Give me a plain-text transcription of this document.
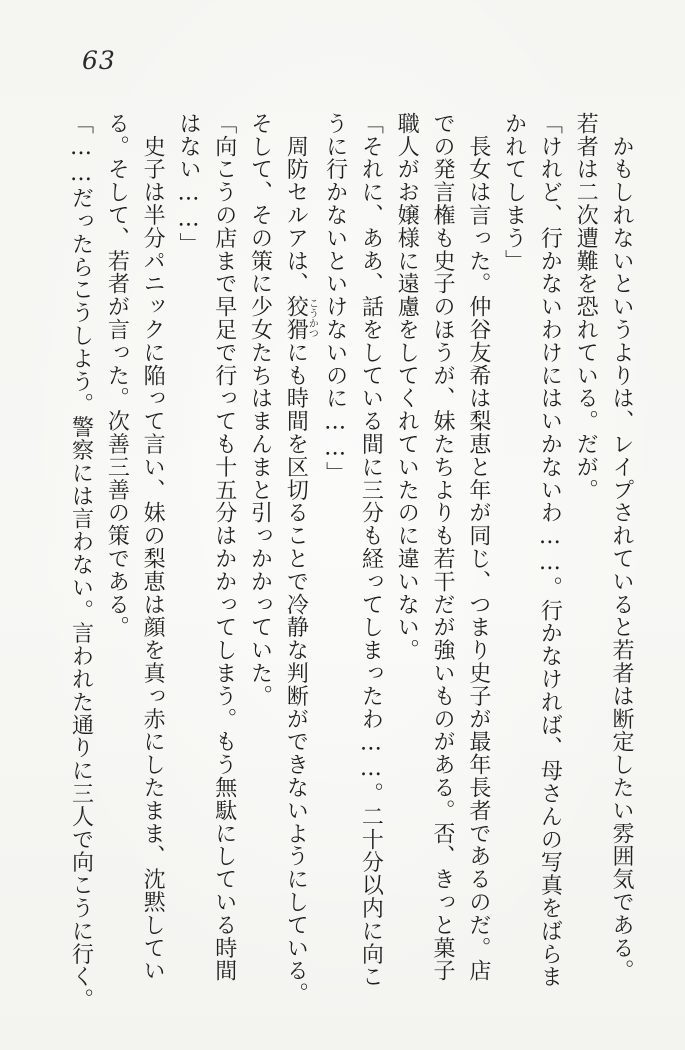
63
　かもしれないというよりは、レイプされていると若者は断定したい雰囲気である。
若者は二次遭難を恐れている。だが。
「けれど、行かないわけにはいかないわ……。行かなければ、母さんの写真をばらま
かれてしまう」
　長女は言った。仲谷友希は梨恵と年が同じ、つまり史子が最年長者であるのだ。店
での発言権も史子のほうが、妹たちよりも若干だが強いものがある。否、きっと菓子
職人がお嬢様に遠慮をしてくれていたのに違いない。
「それに、ああ、話をしている間に三分も経ってしまったわ……。二十分以内に向こ
うに行かないといけないのに……」
　周防セルアは、狡猾こうかつにも時間を区切ることで冷静な判断ができないようにしている。
そして、その策に少女たちはまんまと引っかかっていた。
「向こうの店まで早足で行っても十五分はかかってしまう。もう無駄にしている時間
はない……」
　史子は半分パニックに陥って言い、妹の梨恵は顔を真っ赤にしたまま、沈黙してい
る。そして、若者が言った。次善三善の策である。
「……だったらこうしよう。警察には言わない。言われた通りに三人で向こうに行く。
